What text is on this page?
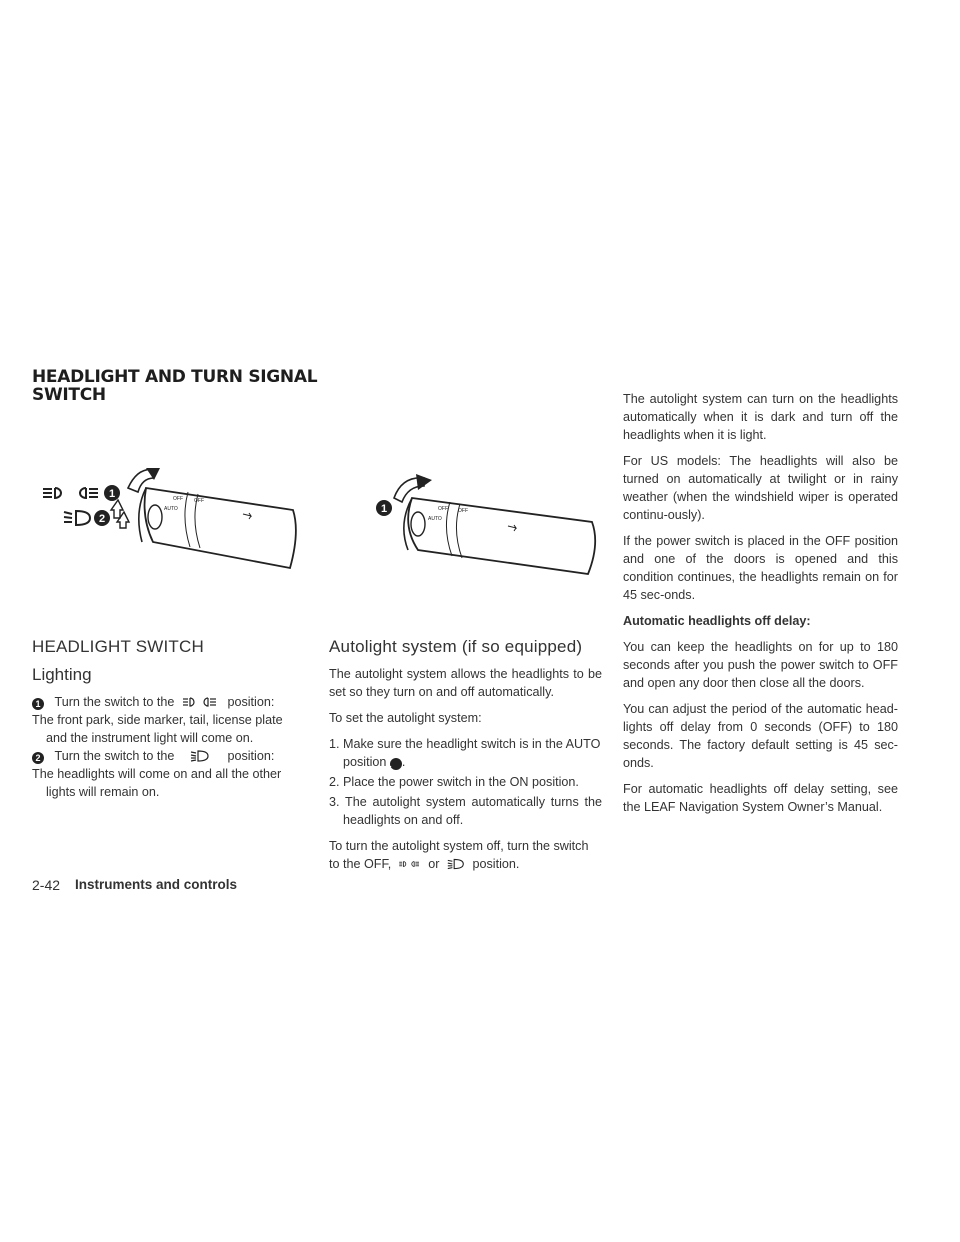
HEADLIGHT AND TURN SIGNAL
SWITCH
1
2
OFF
AUTO
OFF
1	OFF
AUTO
OFF
HEADLIGHT SWITCH
Lighting

1 Turn the switch to the	position:

The front park, side marker, tail, license plate and the instrument light will come on.

2 Turn the switch to the	position:

The headlights will come on and all the other lights will remain on.

Autolight system (if so equipped)

The autolight system allows the headlights to be set so they turn on and off automatically.

To set the autolight system:

1. Make sure the headlight switch is in the AUTO position 1 .

2. Place the power switch in the ON position.

3. The autolight system automatically turns the headlights on and off.

To turn the autolight system off, turn the switch to the OFF,	or	position.

The autolight system can turn on the headlights automatically when it is dark and turn off the headlights when it is light.

For US models: The headlights will also be turned on automatically at twilight or in rainy weather (when the windshield wiper is operated continu-ously).

If the power switch is placed in the OFF position and one of the doors is opened and this condition continues, the headlights remain on for 45 sec-onds.

Automatic headlights off delay:

You can keep the headlights on for up to 180 seconds after you push the power switch to OFF and open any door then close all the doors.

You can adjust the period of the automatic head-lights off delay from 0 seconds (OFF) to 180 seconds. The factory default setting is 45 sec-onds.

For automatic headlights off delay setting, see the LEAF Navigation System Owner’s Manual.

2-42 Instruments and controls
